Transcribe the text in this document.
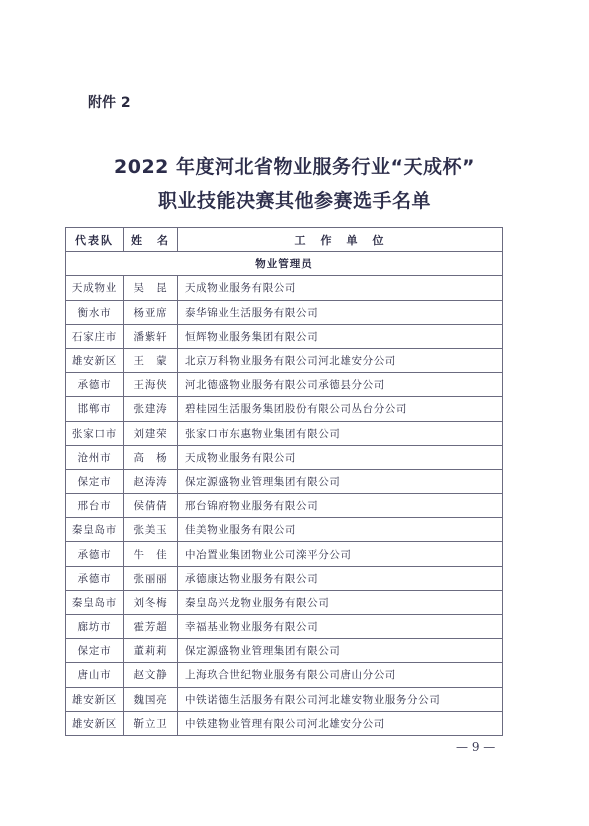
附件 2
2022 年度河北省物业服务行业“天成杯”
职业技能决赛其他参赛选手名单
代表队	姓　名	工　作　单　位
物业管理员		
天成物业	吴　昆	天成物业服务有限公司
衡水市	杨亚席	泰华锦业生活服务有限公司
石家庄市	潘紫轩	恒辉物业服务集团有限公司
雄安新区	王　蒙	北京万科物业服务有限公司河北雄安分公司
承德市	王海侠	河北德盛物业服务有限公司承德县分公司
邯郸市	张建涛	碧桂园生活服务集团股份有限公司丛台分公司
张家口市	刘建荣	张家口市东惠物业集团有限公司
沧州市	高　杨	天成物业服务有限公司
保定市	赵涛涛	保定源盛物业管理集团有限公司
邢台市	侯倩倩	邢台锦府物业服务有限公司
秦皇岛市	张美玉	佳美物业服务有限公司
承德市	牛　佳	中冶置业集团物业公司滦平分公司
承德市	张丽丽	承德康达物业服务有限公司
秦皇岛市	刘冬梅	秦皇岛兴龙物业服务有限公司
廊坊市	霍芳超	幸福基业物业服务有限公司
保定市	董莉莉	保定源盛物业管理集团有限公司
唐山市	赵文静	上海玖合世纪物业服务有限公司唐山分公司
雄安新区	魏国亮	中铁诺德生活服务有限公司河北雄安物业服务分公司
雄安新区	靳立卫	中铁建物业管理有限公司河北雄安分公司
— 9 —
